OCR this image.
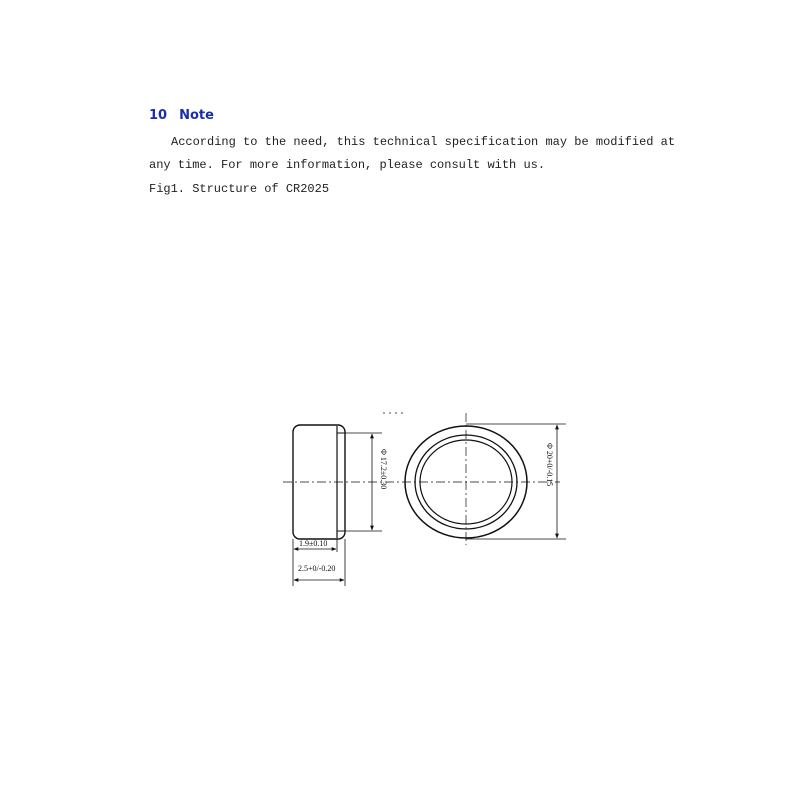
10 Note
According to the need, this technical specification may be modified at
any time. For more information, please consult with us.
Fig1. Structure of CR2025
1.9±0.10
2.5+0/-0.20
Φ 17.2±0.30	Φ 20+0/-0.15
